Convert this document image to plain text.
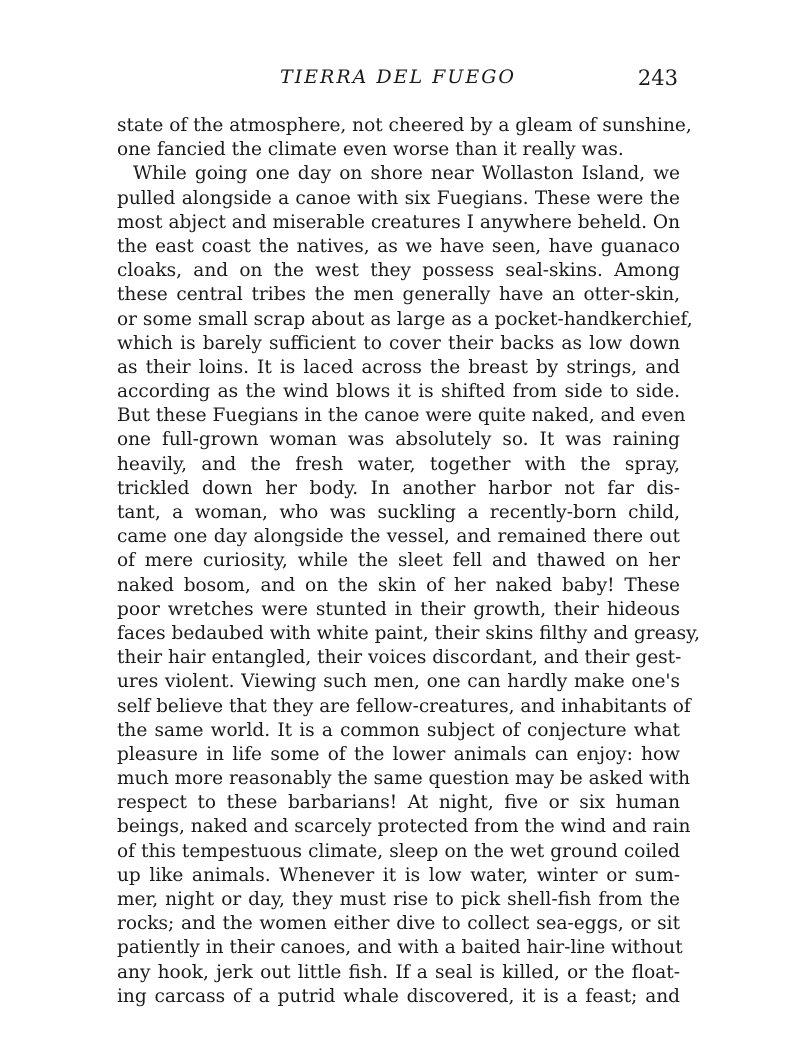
TIERRA DEL FUEGO	243
state of the atmosphere, not cheered by a gleam of sunshine,
one fancied the climate even worse than it really was.
While going one day on shore near Wollaston Island, we
pulled alongside a canoe with six Fuegians. These were the
most abject and miserable creatures I anywhere beheld. On
the east coast the natives, as we have seen, have guanaco
cloaks, and on the west they possess seal-skins. Among
these central tribes the men generally have an otter-skin,
or some small scrap about as large as a pocket-handkerchief,
which is barely sufficient to cover their backs as low down
as their loins. It is laced across the breast by strings, and
according as the wind blows it is shifted from side to side.
But these Fuegians in the canoe were quite naked, and even
one full-grown woman was absolutely so. It was raining
heavily, and the fresh water, together with the spray,
trickled down her body. In another harbor not far dis-
tant, a woman, who was suckling a recently-born child,
came one day alongside the vessel, and remained there out
of mere curiosity, while the sleet fell and thawed on her
naked bosom, and on the skin of her naked baby! These
poor wretches were stunted in their growth, their hideous
faces bedaubed with white paint, their skins filthy and greasy,
their hair entangled, their voices discordant, and their gest-
ures violent. Viewing such men, one can hardly make one's
self believe that they are fellow-creatures, and inhabitants of
the same world. It is a common subject of conjecture what
pleasure in life some of the lower animals can enjoy: how
much more reasonably the same question may be asked with
respect to these barbarians! At night, five or six human
beings, naked and scarcely protected from the wind and rain
of this tempestuous climate, sleep on the wet ground coiled
up like animals. Whenever it is low water, winter or sum-
mer, night or day, they must rise to pick shell-fish from the
rocks; and the women either dive to collect sea-eggs, or sit
patiently in their canoes, and with a baited hair-line without
any hook, jerk out little fish. If a seal is killed, or the float-
ing carcass of a putrid whale discovered, it is a feast; and
